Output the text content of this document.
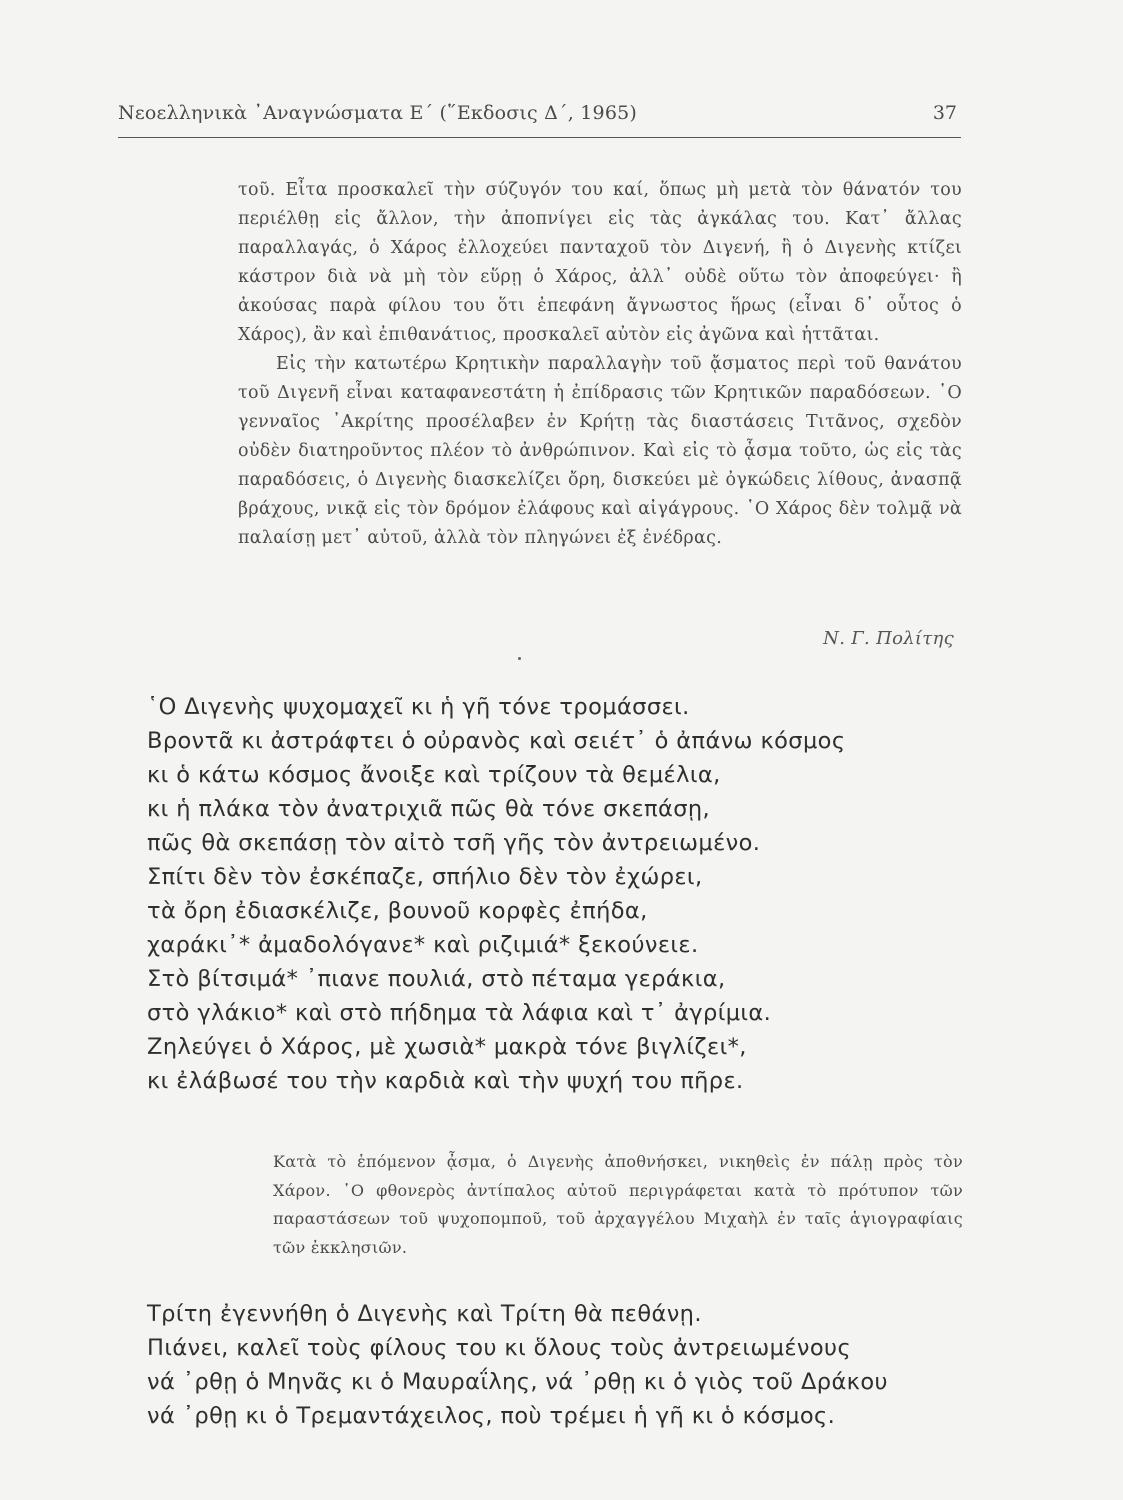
Νεοελληνικὰ ᾿Αναγνώσματα Ε΄ (῞Εκδοσις Δ΄, 1965)	37

τοῦ. Εἶτα προσκαλεῖ τὴν σύζυγόν του καί, ὅπως μὴ μετὰ τὸν θάνατόν του περιέλθῃ εἰς ἄλλον, τὴν ἀποπνίγει εἰς τὰς ἀγκάλας του. Κατ᾿ ἄλλας παραλλαγάς, ὁ Χάρος ἐλλοχεύει πανταχοῦ τὸν Διγενή, ἢ ὁ Διγενὴς κτίζει κάστρον διὰ νὰ μὴ τὸν εὕρῃ ὁ Χάρος, ἀλλ᾿ οὐδὲ οὕτω τὸν ἀποφεύγει· ἢ ἀκούσας παρὰ φίλου του ὅτι ἐπεφάνη ἄγνωστος ἥρως (εἶναι δ᾿ οὗτος ὁ Χάρος), ἂν καὶ ἐπιθανάτιος, προσκαλεῖ αὐτὸν εἰς ἀγῶνα καὶ ἡττᾶται.

Εἰς τὴν κατωτέρω Κρητικὴν παραλλαγὴν τοῦ ᾄσματος περὶ τοῦ θανάτου τοῦ Διγενῆ εἶναι καταφανεστάτη ἡ ἐπίδρασις τῶν Κρητικῶν παραδόσεων. ῾Ο γενναῖος ᾿Ακρίτης προσέλαβεν ἐν Κρήτῃ τὰς διαστάσεις Τιτᾶνος, σχεδὸν οὐδὲν διατηροῦντος πλέον τὸ ἀνθρώπινον. Καὶ εἰς τὸ ᾆσμα τοῦτο, ὡς εἰς τὰς παραδόσεις, ὁ Διγενὴς διασκελίζει ὄρη, δισκεύει μὲ ὀγκώδεις λίθους, ἀνασπᾷ βράχους, νικᾷ εἰς τὸν δρόμον ἐλάφους καὶ αἰγάγρους. ῾Ο Χάρος δὲν τολμᾷ νὰ παλαίσῃ μετ᾿ αὐτοῦ, ἀλλὰ τὸν πληγώνει ἐξ ἐνέδρας.

Ν. Γ. Πολίτης
῾Ο Διγενὴς ψυχομαχεῖ κι ἡ γῆ τόνε τρομάσσει.
Βροντᾶ κι ἀστράφτει ὁ οὐρανὸς καὶ σειέτ᾿ ὁ ἀπάνω κόσμος
κι ὁ κάτω κόσμος ἄνοιξε καὶ τρίζουν τὰ θεμέλια,
κι ἡ πλάκα τὸν ἀνατριχιᾶ πῶς θὰ τόνε σκεπάσῃ,
πῶς θὰ σκεπάσῃ τὸν αἰτὸ τσῆ γῆς τὸν ἀντρειωμένο.
Σπίτι δὲν τὸν ἐσκέπαζε, σπήλιο δὲν τὸν ἐχώρει,
τὰ ὄρη ἐδιασκέλιζε, βουνοῦ κορφὲς ἐπήδα,
χαράκι᾿* ἀμαδολόγανε* καὶ ριζιμιά* ξεκούνειε.
Στὸ βίτσιμά* ᾿πιανε πουλιά, στὸ πέταμα γεράκια,
στὸ γλάκιο* καὶ στὸ πήδημα τὰ λάφια καὶ τ᾿ ἀγρίμια.
Ζηλεύγει ὁ Χάρος, μὲ χωσιὰ* μακρὰ τόνε βιγλίζει*,
κι ἐλάβωσέ του τὴν καρδιὰ καὶ τὴν ψυχή του πῆρε.

Κατὰ τὸ ἑπόμενον ᾆσμα, ὁ Διγενὴς ἀποθνήσκει, νικηθεὶς ἐν πάλῃ πρὸς τὸν Χάρον. ῾Ο φθονερὸς ἀντίπαλος αὐτοῦ περιγράφεται κατὰ τὸ πρότυπον τῶν παραστάσεων τοῦ ψυχοπομποῦ, τοῦ ἀρχαγγέλου Μιχαὴλ ἐν ταῖς ἁγιογραφίαις τῶν ἐκκλησιῶν.

Τρίτη ἐγεννήθη ὁ Διγενὴς καὶ Τρίτη θὰ πεθάνῃ.
Πιάνει, καλεῖ τοὺς φίλους του κι ὅλους τοὺς ἀντρειωμένους
νά ᾿ρθῃ ὁ Μηνᾶς κι ὁ Μαυραΐλης, νά ᾿ρθῃ κι ὁ γιὸς τοῦ Δράκου
νά ᾿ρθῃ κι ὁ Τρεμαντάχειλος, ποὺ τρέμει ἡ γῆ κι ὁ κόσμος.
